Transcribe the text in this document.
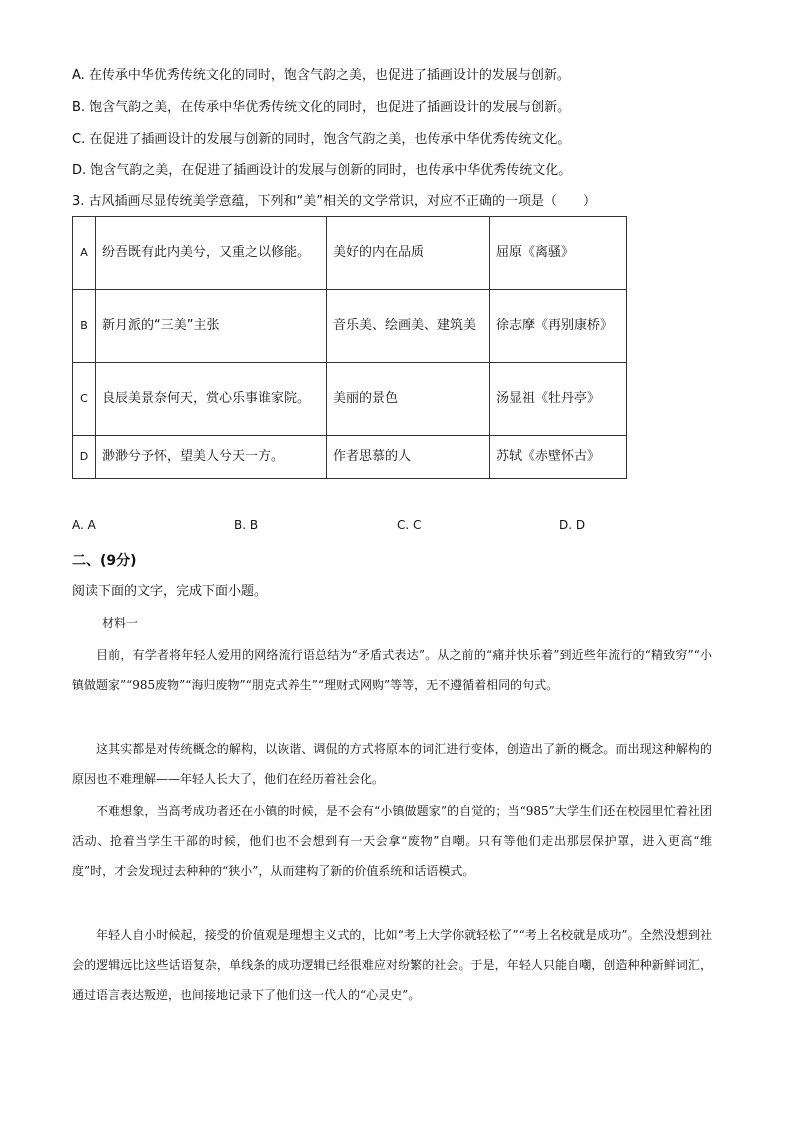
A. 在传承中华优秀传统文化的同时，饱含气韵之美，也促进了插画设计的发展与创新。
B. 饱含气韵之美，在传承中华优秀传统文化的同时，也促进了插画设计的发展与创新。
C. 在促进了插画设计的发展与创新的同时，饱含气韵之美，也传承中华优秀传统文化。
D. 饱含气韵之美，在促进了插画设计的发展与创新的同时，也传承中华优秀传统文化。
3. 古风插画尽显传统美学意蕴，下列和“美”相关的文学常识，对应不正确的一项是（　　）
A	纷吾既有此内美兮，又重之以修能。	美好的内在品质	屈原《离骚》
B	新月派的“三美”主张	音乐美、绘画美、建筑美	徐志摩《再别康桥》
C	良辰美景奈何天，赏心乐事谁家院。	美丽的景色	汤显祖《牡丹亭》
D	渺渺兮予怀，望美人兮天一方。	作者思慕的人	苏轼《赤壁怀古》
A. A	B. B	C. C	D. D
二、(9分)
阅读下面的文字，完成下面小题。
材料一

目前，有学者将年轻人爱用的网络流行语总结为“矛盾式表达”。从之前的“痛并快乐着”到近些年流行的“精致穷”“小镇做题家”“985废物”“海归废物”“朋克式养生”“理财式网购”等等，无不遵循着相同的句式。

这其实都是对传统概念的解构，以诙谐、调侃的方式将原本的词汇进行变体，创造出了新的概念。而出现这种解构的原因也不难理解——年轻人长大了，他们在经历着社会化。

不难想象，当高考成功者还在小镇的时候，是不会有“小镇做题家”的自觉的；当“985”大学生们还在校园里忙着社团活动、抢着当学生干部的时候，他们也不会想到有一天会拿“废物”自嘲。只有等他们走出那层保护罩，进入更高“维度”时，才会发现过去种种的“狭小”，从而建构了新的价值系统和话语模式。

年轻人自小时候起，接受的价值观是理想主义式的，比如“考上大学你就轻松了”“考上名校就是成功”。全然没想到社会的逻辑远比这些话语复杂，单线条的成功逻辑已经很难应对纷繁的社会。于是，年轻人只能自嘲，创造种种新鲜词汇，通过语言表达叛逆，也间接地记录下了他们这一代人的“心灵史”。
